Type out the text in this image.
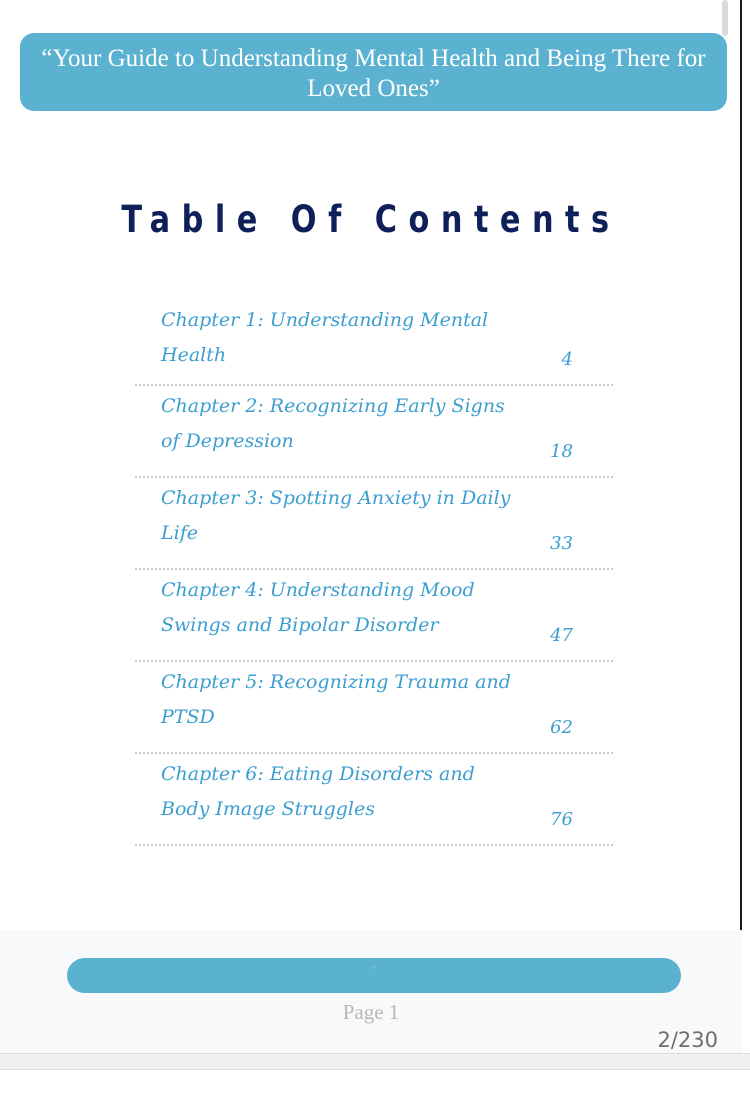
“Your Guide to Understanding Mental Health and Being There for Loved Ones”
Table Of Contents
Chapter 1: Understanding Mental Health	4
Chapter 2: Recognizing Early Signs of Depression	18
Chapter 3: Spotting Anxiety in Daily Life	33
Chapter 4: Understanding Mood Swings and Bipolar Disorder	47
Chapter 5: Recognizing Trauma and PTSD	62
Chapter 6: Eating Disorders and Body Image Struggles	76
“
Page 1
2/230
